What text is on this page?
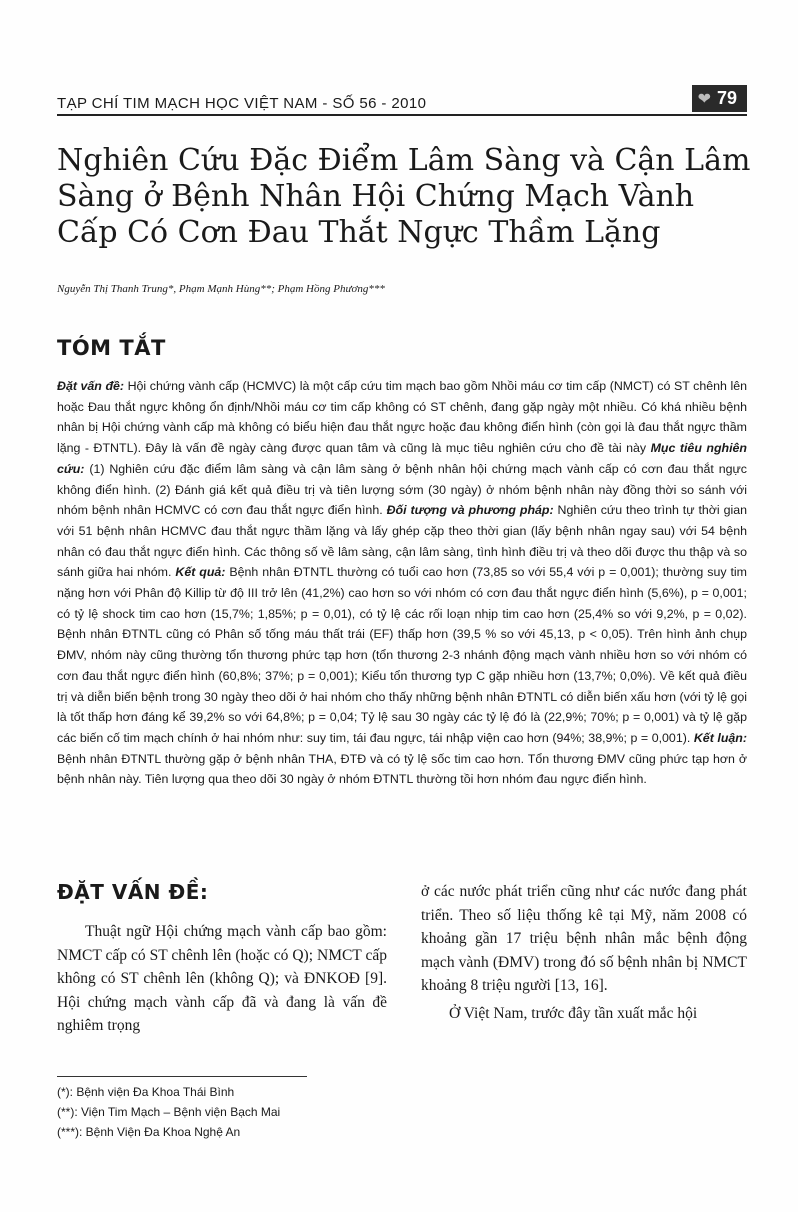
TẠP CHÍ TIM MẠCH HỌC VIỆT NAM - SỐ 56 - 2010	❤ 79
Nghiên Cứu Đặc Điểm Lâm Sàng và Cận Lâm Sàng ở Bệnh Nhân Hội Chứng Mạch Vành Cấp Có Cơn Đau Thắt Ngực Thầm Lặng
Nguyễn Thị Thanh Trung*, Phạm Mạnh Hùng**; Phạm Hồng Phương***
TÓM TẮT

Đặt vấn đề: Hội chứng vành cấp (HCMVC) là một cấp cứu tim mạch bao gồm Nhồi máu cơ tim cấp (NMCT) có ST chênh lên hoặc Đau thắt ngực không ổn định/Nhồi máu cơ tim cấp không có ST chênh, đang gặp ngày một nhiều. Có khá nhiều bệnh nhân bị Hội chứng vành cấp mà không có biểu hiện đau thắt ngực hoặc đau không điển hình (còn gọi là đau thắt ngực thầm lặng - ĐTNTL). Đây là vấn đề ngày càng được quan tâm và cũng là mục tiêu nghiên cứu cho đề tài này Mục tiêu nghiên cứu: (1) Nghiên cứu đặc điểm lâm sàng và cận lâm sàng ở bệnh nhân hội chứng mạch vành cấp có cơn đau thắt ngực không điển hình. (2) Đánh giá kết quả điều trị và tiên lượng sớm (30 ngày) ở nhóm bệnh nhân này đồng thời so sánh với nhóm bệnh nhân HCMVC có cơn đau thắt ngực điển hình. Đối tượng và phương pháp: Nghiên cứu theo trình tự thời gian với 51 bệnh nhân HCMVC đau thắt ngực thầm lặng và lấy ghép cặp theo thời gian (lấy bệnh nhân ngay sau) với 54 bệnh nhân có đau thắt ngực điển hình. Các thông số về lâm sàng, cận lâm sàng, tình hình điều trị và theo dõi được thu thập và so sánh giữa hai nhóm. Kết quả: Bệnh nhân ĐTNTL thường có tuổi cao hơn (73,85 so với 55,4 với p = 0,001); thường suy tim nặng hơn với Phân độ Killip từ độ III trở lên (41,2%) cao hơn so với nhóm có cơn đau thắt ngực điển hình (5,6%), p = 0,001; có tỷ lệ shock tim cao hơn (15,7%; 1,85%; p = 0,01), có tỷ lệ các rối loạn nhịp tim cao hơn (25,4% so với 9,2%, p = 0,02). Bệnh nhân ĐTNTL cũng có Phân số tống máu thất trái (EF) thấp hơn (39,5 % so với 45,13, p < 0,05). Trên hình ảnh chụp ĐMV, nhóm này cũng thường tổn thương phức tạp hơn (tổn thương 2-3 nhánh động mạch vành nhiều hơn so với nhóm có cơn đau thắt ngực điển hình (60,8%; 37%; p = 0,001); Kiểu tổn thương typ C gặp nhiều hơn (13,7%; 0,0%). Về kết quả điều trị và diễn biến bệnh trong 30 ngày theo dõi ở hai nhóm cho thấy những bệnh nhân ĐTNTL có diễn biến xấu hơn (với tỷ lệ gọi là tốt thấp hơn đáng kể 39,2% so với 64,8%; p = 0,04; Tỷ lệ sau 30 ngày các tỷ lệ đó là (22,9%; 70%; p = 0,001) và tỷ lệ gặp các biến cố tim mạch chính ở hai nhóm như: suy tim, tái đau ngực, tái nhập viện cao hơn (94%; 38,9%; p = 0,001). Kết luận: Bệnh nhân ĐTNTL thường gặp ở bệnh nhân THA, ĐTĐ và có tỷ lệ sốc tim cao hơn. Tổn thương ĐMV cũng phức tạp hơn ở bệnh nhân này. Tiên lượng qua theo dõi 30 ngày ở nhóm ĐTNTL thường tồi hơn nhóm đau ngực điển hình.

ĐẶT VẤN ĐỀ:

Thuật ngữ Hội chứng mạch vành cấp bao gồm: NMCT cấp có ST chênh lên (hoặc có Q); NMCT cấp không có ST chênh lên (không Q); và ĐNKOĐ [9]. Hội chứng mạch vành cấp đã và đang là vấn đề nghiêm trọng

ở các nước phát triển cũng như các nước đang phát triển. Theo số liệu thống kê tại Mỹ, năm 2008 có khoảng gần 17 triệu bệnh nhân mắc bệnh động mạch vành (ĐMV) trong đó số bệnh nhân bị NMCT khoảng 8 triệu người [13, 16].

Ở Việt Nam, trước đây tần xuất mắc hội

(*): Bệnh viện Đa Khoa Thái Bình
(**): Viện Tim Mạch – Bệnh viện Bạch Mai
(***): Bệnh Viện Đa Khoa Nghệ An
